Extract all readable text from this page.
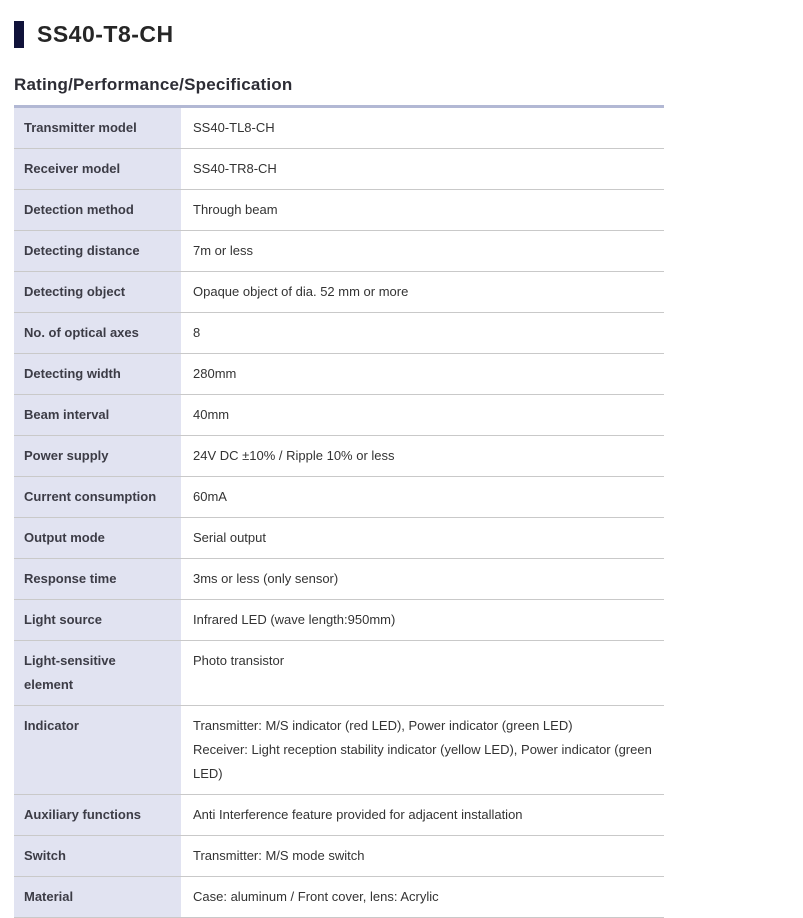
SS40-T8-CH
Rating/Performance/Specification
Transmitter model	SS40-TL8-CH
Receiver model	SS40-TR8-CH
Detection method	Through beam
Detecting distance	7m or less
Detecting object	Opaque object of dia. 52 mm or more
No. of optical axes	8
Detecting width	280mm
Beam interval	40mm
Power supply	24V DC ±10% / Ripple 10% or less
Current consumption	60mA
Output mode	Serial output
Response time	3ms or less (only sensor)
Light source	Infrared LED (wave length:950mm)
Light-sensitive element	Photo transistor
Indicator	Transmitter: M/S indicator (red LED), Power indicator (green LED)
Receiver: Light reception stability indicator (yellow LED), Power indicator (green LED)

Auxiliary functions	Anti Interference feature provided for adjacent installation
Switch	Transmitter: M/S mode switch
Material	Case: aluminum / Front cover, lens: Acrylic
